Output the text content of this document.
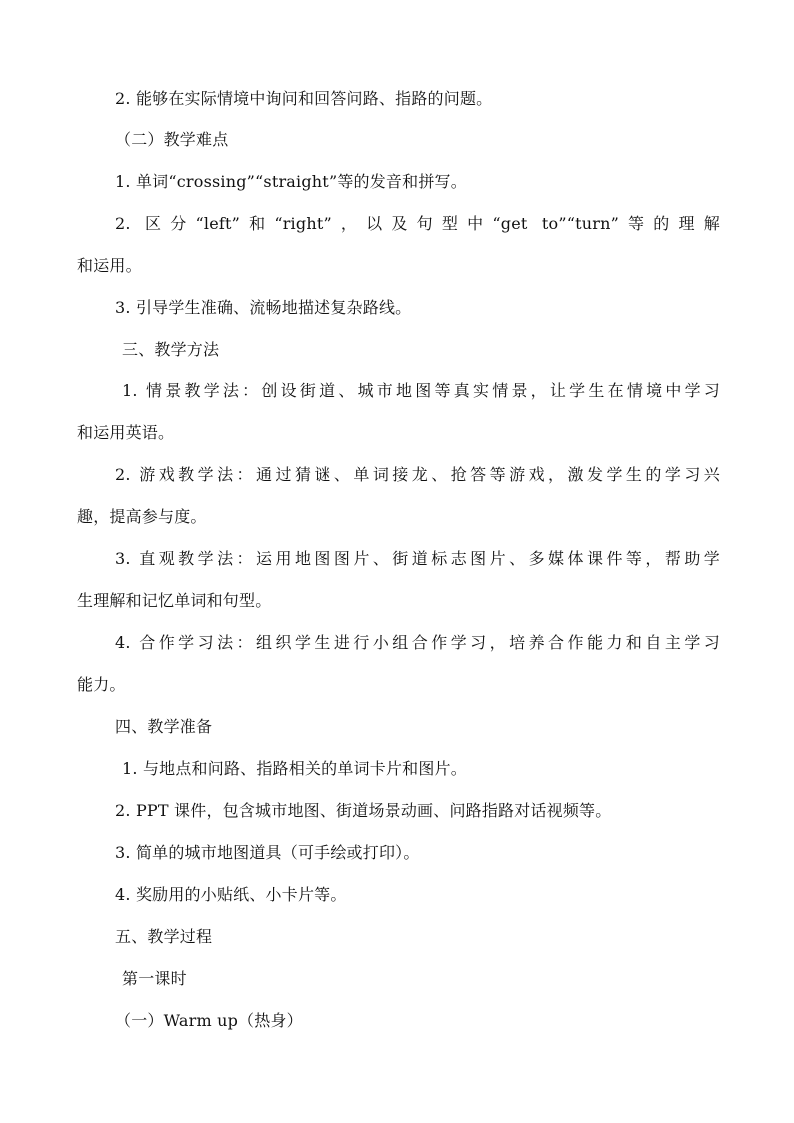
2. 能够在实际情境中询问和回答问路、指路的问题。
（二）教学难点
1. 单词“crossing”“straight”等的发音和拼写。
2. 区分“left”和“right”，以及句型中“get to”“turn”等的理解
和运用。
3. 引导学生准确、流畅地描述复杂路线。
三、教学方法
1. 情景教学法：创设街道、城市地图等真实情景，让学生在情境中学习
和运用英语。
2. 游戏教学法：通过猜谜、单词接龙、抢答等游戏，激发学生的学习兴
趣，提高参与度。
3. 直观教学法：运用地图图片、街道标志图片、多媒体课件等，帮助学
生理解和记忆单词和句型。
4. 合作学习法：组织学生进行小组合作学习，培养合作能力和自主学习
能力。
四、教学准备
1. 与地点和问路、指路相关的单词卡片和图片。
2. PPT 课件，包含城市地图、街道场景动画、问路指路对话视频等。
3. 简单的城市地图道具（可手绘或打印）。
4. 奖励用的小贴纸、小卡片等。
五、教学过程
第一课时
（一）Warm up（热身）
